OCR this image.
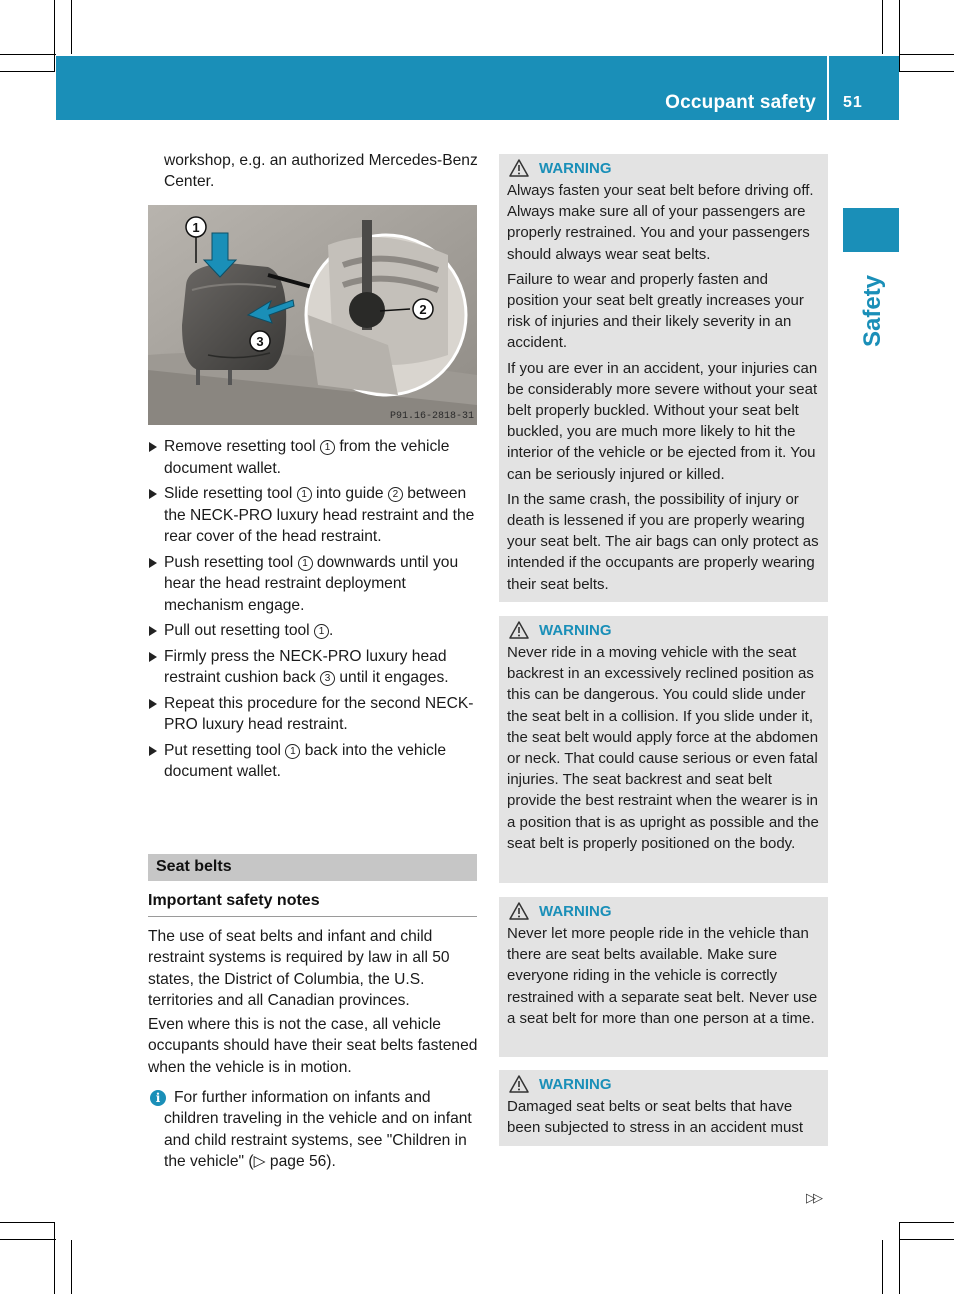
Occupant safety 51
Safety
workshop, e.g. an authorized Mercedes-Benz Center.
1
2
3
P91.16-2818-31
Remove resetting tool 1 from the vehicle document wallet.
Slide resetting tool 1 into guide 2 between the NECK-PRO luxury head restraint and the rear cover of the head restraint.
Push resetting tool 1 downwards until you hear the head restraint deployment mechanism engage.
Pull out resetting tool 1 .
Firmly press the NECK-PRO luxury head restraint cushion back 3 until it engages.
Repeat this procedure for the second NECK-PRO luxury head restraint.
Put resetting tool 1 back into the vehicle document wallet.
Seat belts
Important safety notes
The use of seat belts and infant and child restraint systems is required by law in all 50 states, the District of Columbia, the U.S. territories and all Canadian provinces.
Even where this is not the case, all vehicle occupants should have their seat belts fastened when the vehicle is in motion.
i For further information on infants and children traveling in the vehicle and on infant and child restraint systems, see "Children in the vehicle" (▷ page 56).
WARNING

Always fasten your seat belt before driving off. Always make sure all of your passengers are properly restrained. You and your passengers should always wear seat belts.

Failure to wear and properly fasten and position your seat belt greatly increases your risk of injuries and their likely severity in an accident.

If you are ever in an accident, your injuries can be considerably more severe without your seat belt properly buckled. Without your seat belt buckled, you are much more likely to hit the interior of the vehicle or be ejected from it. You can be seriously injured or killed.

In the same crash, the possibility of injury or death is lessened if you are properly wearing your seat belt. The air bags can only protect as intended if the occupants are properly wearing their seat belts.

WARNING

Never ride in a moving vehicle with the seat backrest in an excessively reclined position as this can be dangerous. You could slide under the seat belt in a collision. If you slide under it, the seat belt would apply force at the abdomen or neck. That could cause serious or even fatal injuries. The seat backrest and seat belt provide the best restraint when the wearer is in a position that is as upright as possible and the seat belt is properly positioned on the body.

WARNING

Never let more people ride in the vehicle than there are seat belts available. Make sure everyone riding in the vehicle is correctly restrained with a separate seat belt. Never use a seat belt for more than one person at a time.

WARNING

Damaged seat belts or seat belts that have been subjected to stress in an accident must

▷▷
